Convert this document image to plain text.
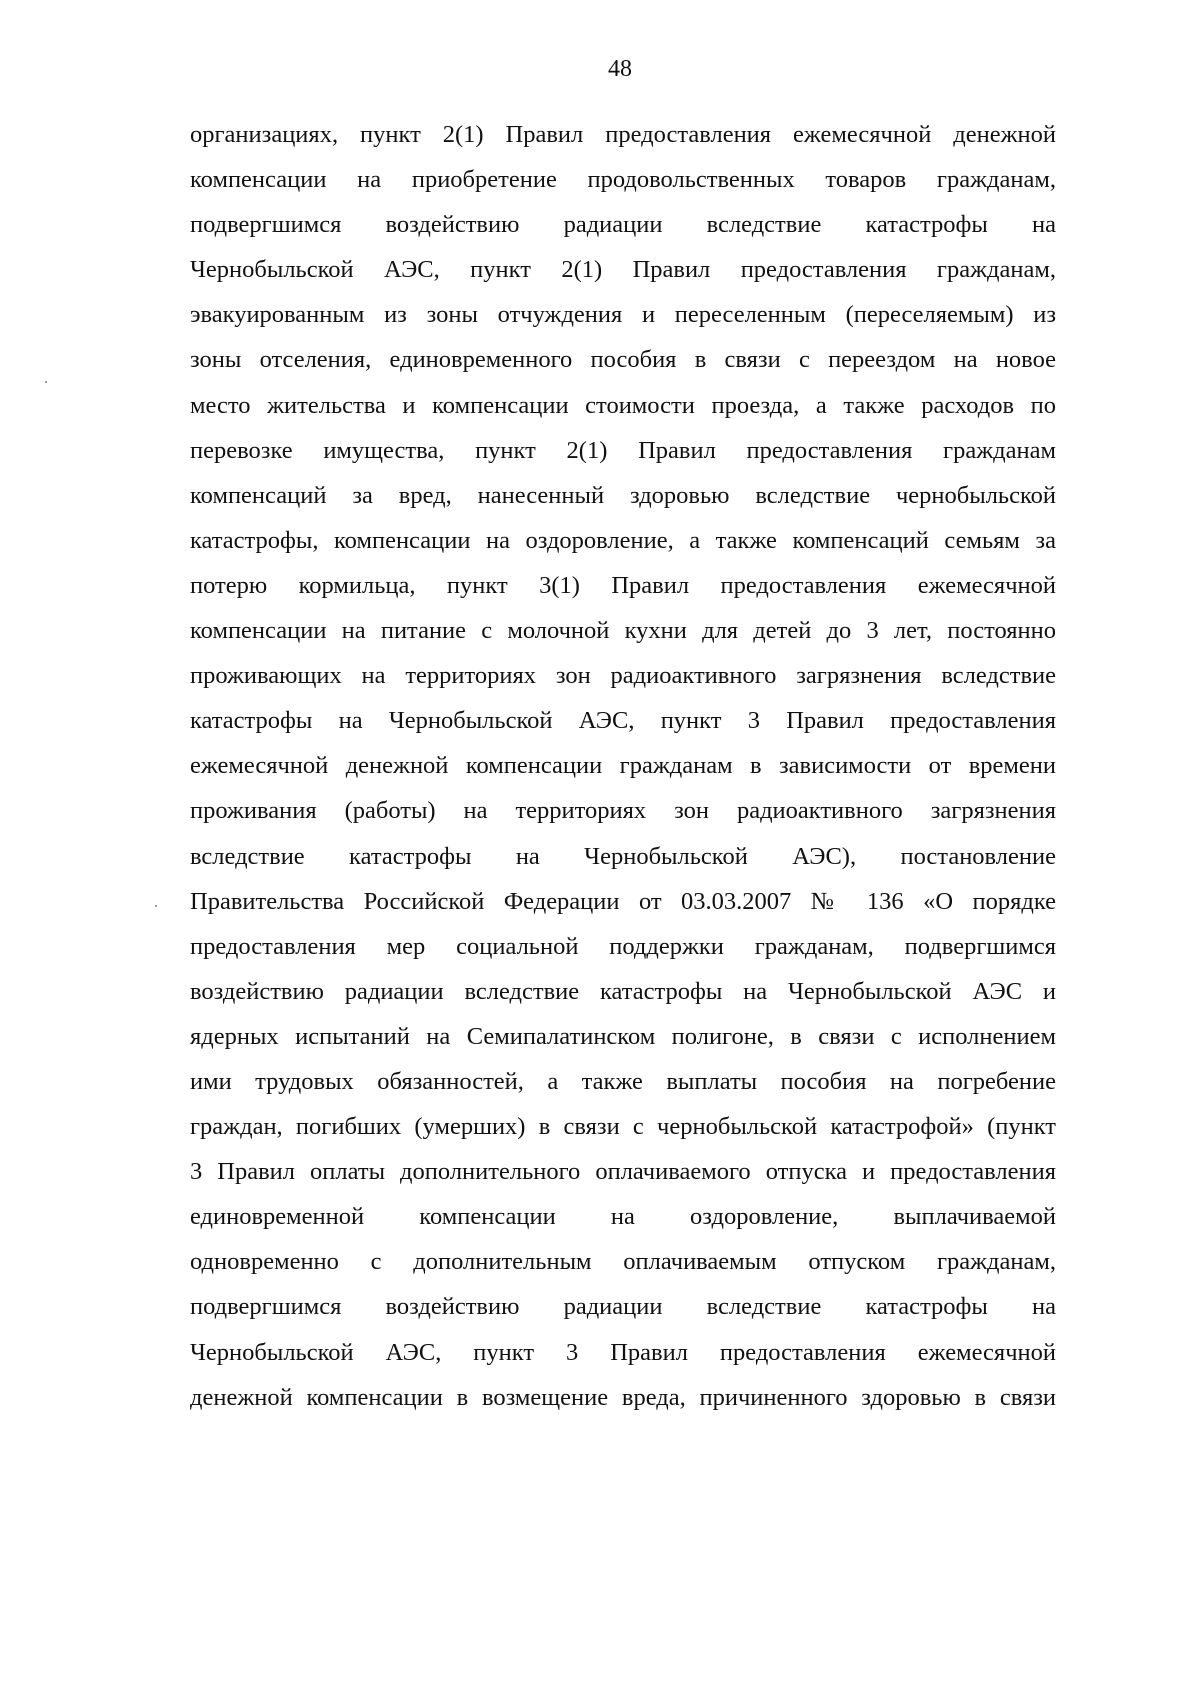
48
организациях, пункт 2(1) Правил предоставления ежемесячной денежной
компенсации на приобретение продовольственных товаров гражданам,
подвергшимся воздействию радиации вследствие катастрофы на
Чернобыльской АЭС, пункт 2(1) Правил предоставления гражданам,
эвакуированным из зоны отчуждения и переселенным (переселяемым) из
зоны отселения, единовременного пособия в связи с переездом на новое
место жительства и компенсации стоимости проезда, а также расходов по
перевозке имущества, пункт 2(1) Правил предоставления гражданам
компенсаций за вред, нанесенный здоровью вследствие чернобыльской
катастрофы, компенсации на оздоровление, а также компенсаций семьям за
потерю кормильца, пункт 3(1) Правил предоставления ежемесячной
компенсации на питание с молочной кухни для детей до 3 лет, постоянно
проживающих на территориях зон радиоактивного загрязнения вследствие
катастрофы на Чернобыльской АЭС, пункт 3 Правил предоставления
ежемесячной денежной компенсации гражданам в зависимости от времени
проживания (работы) на территориях зон радиоактивного загрязнения
вследствие катастрофы на Чернобыльской АЭС), постановление
Правительства Российской Федерации от 03.03.2007 № 136 «О порядке
предоставления мер социальной поддержки гражданам, подвергшимся
воздействию радиации вследствие катастрофы на Чернобыльской АЭС и
ядерных испытаний на Семипалатинском полигоне, в связи с исполнением
ими трудовых обязанностей, а также выплаты пособия на погребение
граждан, погибших (умерших) в связи с чернобыльской катастрофой» (пункт
3 Правил оплаты дополнительного оплачиваемого отпуска и предоставления
единовременной компенсации на оздоровление, выплачиваемой
одновременно с дополнительным оплачиваемым отпуском гражданам,
подвергшимся воздействию радиации вследствие катастрофы на
Чернобыльской АЭС, пункт 3 Правил предоставления ежемесячной
денежной компенсации в возмещение вреда, причиненного здоровью в связи
